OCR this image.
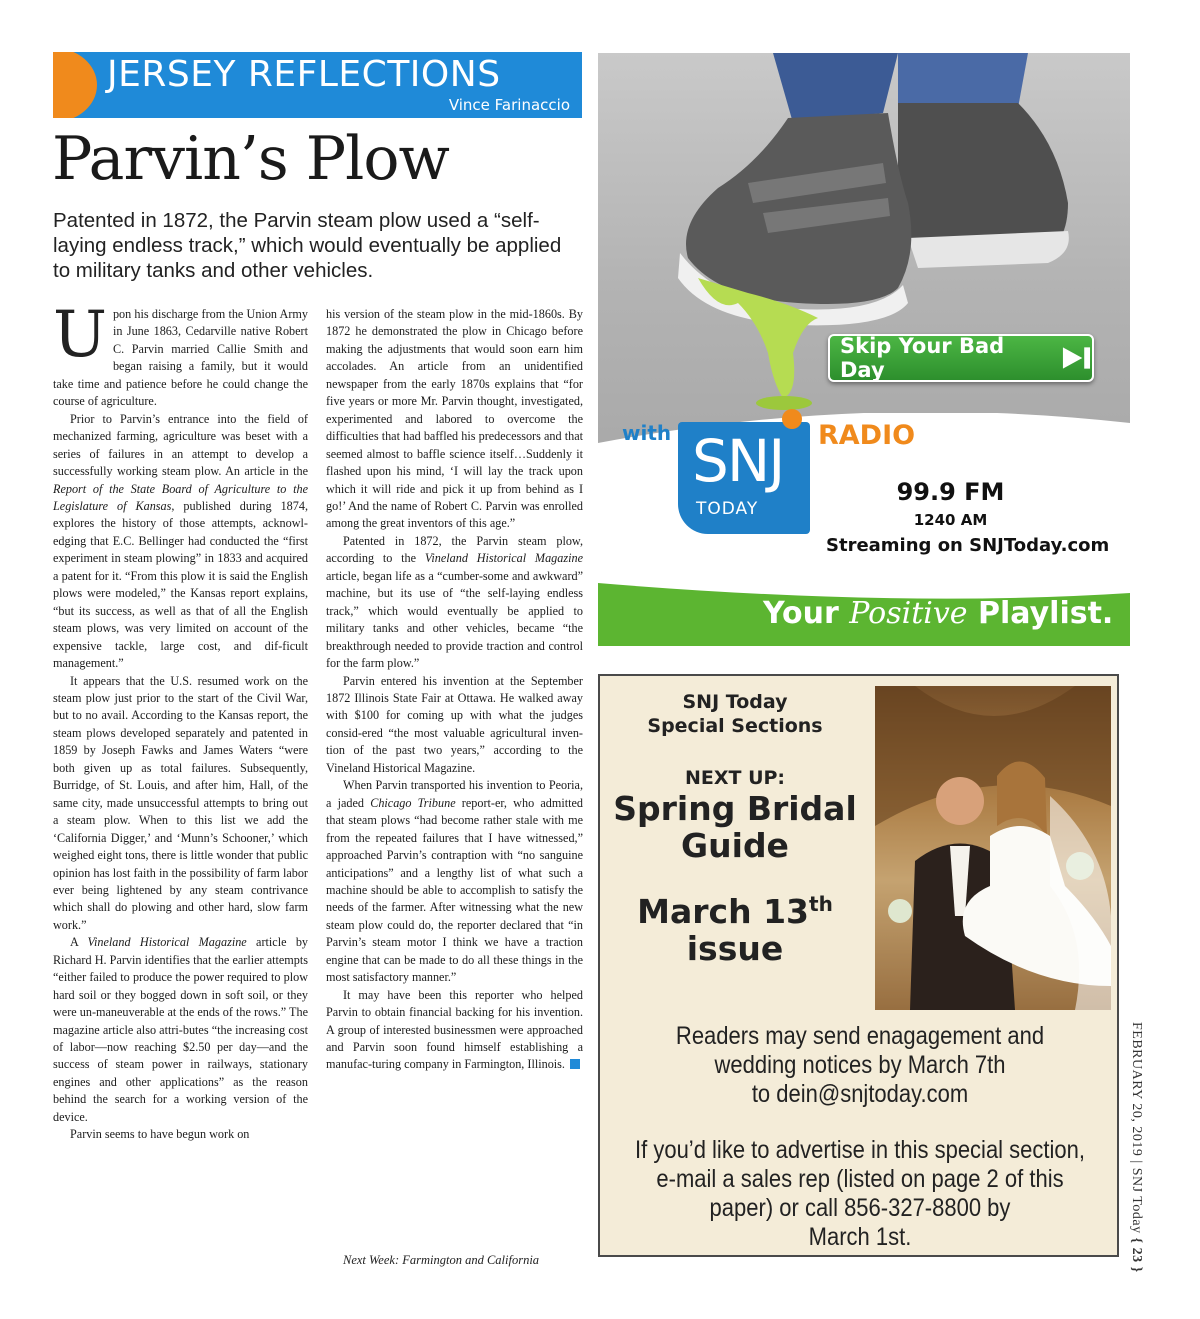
JERSEY REFLECTIONS
Vince Farinaccio
Parvin’s Plow

Patented in 1872, the Parvin steam plow used a “self-laying endless track,” which would eventually be applied to military tanks and other vehicles.

Upon his discharge from the Union Army in June 1863, Cedarville native Robert C. Parvin married Callie Smith and began raising a family, but it would take time and patience before he could change the course of agriculture.

Prior to Parvin’s entrance into the field of mechanized farming, agriculture was beset with a series of failures in an attempt to develop a successfully working steam plow. An article in the Report of the State Board of Agriculture to the Legislature of Kansas, published during 1874, explores the history of those attempts, acknowl-edging that E.C. Bellinger had conducted the “first experiment in steam plowing” in 1833 and acquired a patent for it. “From this plow it is said the English plows were modeled,” the Kansas report explains, “but its success, as well as that of all the English steam plows, was very limited on account of the expensive tackle, large cost, and dif-ficult management.”

It appears that the U.S. resumed work on the steam plow just prior to the start of the Civil War, but to no avail. According to the Kansas report, the steam plows developed separately and patented in 1859 by Joseph Fawks and James Waters “were both given up as total failures. Subsequently, Burridge, of St. Louis, and after him, Hall, of the same city, made unsuccessful attempts to bring out a steam plow. When to this list we add the ‘California Digger,’ and ‘Munn’s Schooner,’ which weighed eight tons, there is little wonder that public opinion has lost faith in the possibility of farm labor ever being lightened by any steam contrivance which shall do plowing and other hard, slow farm work.”

A Vineland Historical Magazine article by Richard H. Parvin identifies that the earlier attempts “either failed to produce the power required to plow hard soil or they bogged down in soft soil, or they were un-maneuverable at the ends of the rows.” The magazine article also attri-butes “the increasing cost of labor—now reaching $2.50 per day—and the success of steam power in railways, stationary engines and other applications” as the reason behind the search for a working version of the device.

Parvin seems to have begun work on

his version of the steam plow in the mid-1860s. By 1872 he demonstrated the plow in Chicago before making the adjustments that would soon earn him accolades. An article from an unidentified newspaper from the early 1870s explains that “for five years or more Mr. Parvin thought, investigated, experimented and labored to overcome the difficulties that had baffled his predecessors and that seemed almost to baffle science itself…Suddenly it flashed upon his mind, ‘I will lay the track upon which it will ride and pick it up from behind as I go!’ And the name of Robert C. Parvin was enrolled among the great inventors of this age.”

Patented in 1872, the Parvin steam plow, according to the Vineland Historical Magazine article, began life as a “cumber-some and awkward” machine, but its use of “the self-laying endless track,” which would eventually be applied to military tanks and other vehicles, became “the breakthrough needed to provide traction and control for the farm plow.”

Parvin entered his invention at the September 1872 Illinois State Fair at Ottawa. He walked away with $100 for coming up with what the judges consid-ered “the most valuable agricultural inven-tion of the past two years,” according to the Vineland Historical Magazine.

When Parvin transported his invention to Peoria, a jaded Chicago Tribune report-er, who admitted that steam plows “had become rather stale with me from the repeated failures that I have witnessed,” approached Parvin’s contraption with “no sanguine anticipations” and a lengthy list of what such a machine should be able to accomplish to satisfy the needs of the farmer. After witnessing what the new steam plow could do, the reporter declared that “in Parvin’s steam motor I think we have a traction engine that can be made to do all these things in the most satisfactory manner.”

It may have been this reporter who helped Parvin to obtain financial backing for his invention. A group of interested businessmen were approached and Parvin soon found himself establishing a manufac-turing company in Farmington, Illinois.

Next Week: Farmington and California

Skip Your Bad Day
with SNJ
TODAY
RADIO
99.9 FM
1240 AM
Streaming on SNJToday.com
Your Positive Playlist.
SNJ Today
Special Sections
NEXT UP:
Spring Bridal
Guide
March 13th
issue
Readers may send enagagement and
wedding notices by March 7th
to dein@snjtoday.com
If you’d like to advertise in this special section,
e-mail a sales rep (listed on page 2 of this
paper) or call 856-327-8800 by
March 1st.
FEBRUARY 20, 2019 | SNJ Today { 23 }
